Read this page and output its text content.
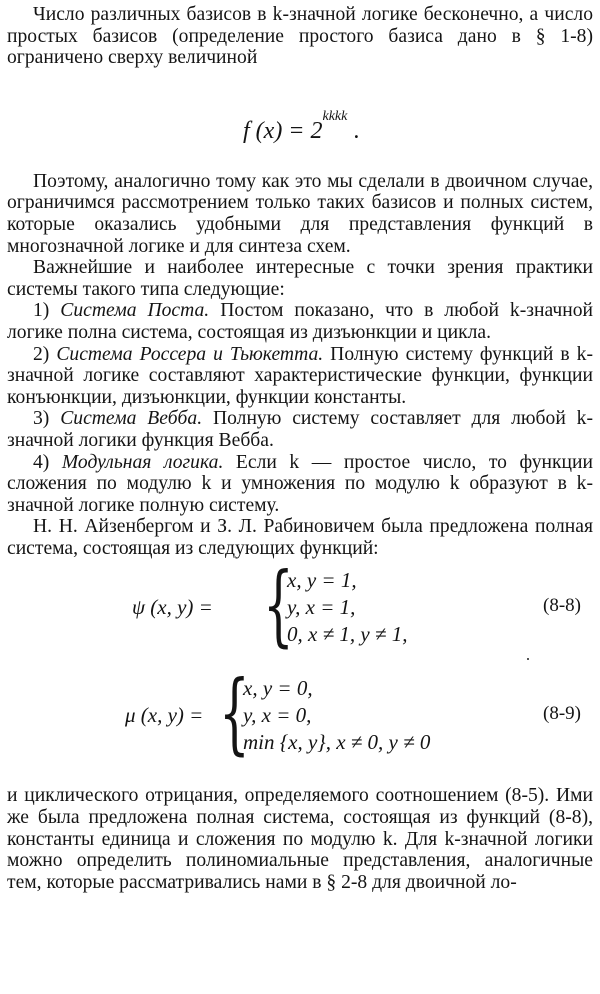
Число различных базисов в k-значной логике бесконечно, а число простых базисов (определение простого базиса дано в § 1-8) ограничено сверху величиной

f $(x) = 2^{kkkk}$.

Поэтому, аналогично тому как это мы сделали в двоичном случае, ограничимся рассмотрением только таких базисов и полных систем, которые оказались удобными для представления функций в многозначной логике и для синтеза схем.

Важнейшие и наиболее интересные с точки зрения практики системы такого типа следующие:

1) Система Поста. Постом показано, что в любой k-значной логике полна система, состоящая из дизъюнкции и цикла.

2) Система Россера и Тьюкетта. Полную систему функций в k-значной логике составляют характеристические функции, функции конъюнкции, дизъюнкции, функции константы.

3) Система Вебба. Полную систему составляет для любой k-значной логики функция Вебба.

4) Модульная логика. Если k — простое число, то функции сложения по модулю k и умножения по модулю k образуют в k-значной логике полную систему.

Н. Н. Айзенбергом и З. Л. Рабиновичем была предложена полная система, состоящая из следующих функций:

ψ (x, y) = {
x, y = 1,
y, x = 1,
0, x ≠ 1, y ≠ 1,
(8-8)
μ (x, y) = {
x, y = 0,
y, x = 0,
min {x, y}, x ≠ 0, y ≠ 0
(8-9)

и циклического отрицания, определяемого соотношением (8-5). Ими же была предложена полная система, состоящая из функций (8-8), константы единица и сложения по модулю k. Для k-значной логики можно определить полиномиальные представления, аналогичные тем, которые рассматривались нами в § 2-8 для двоичной ло-
